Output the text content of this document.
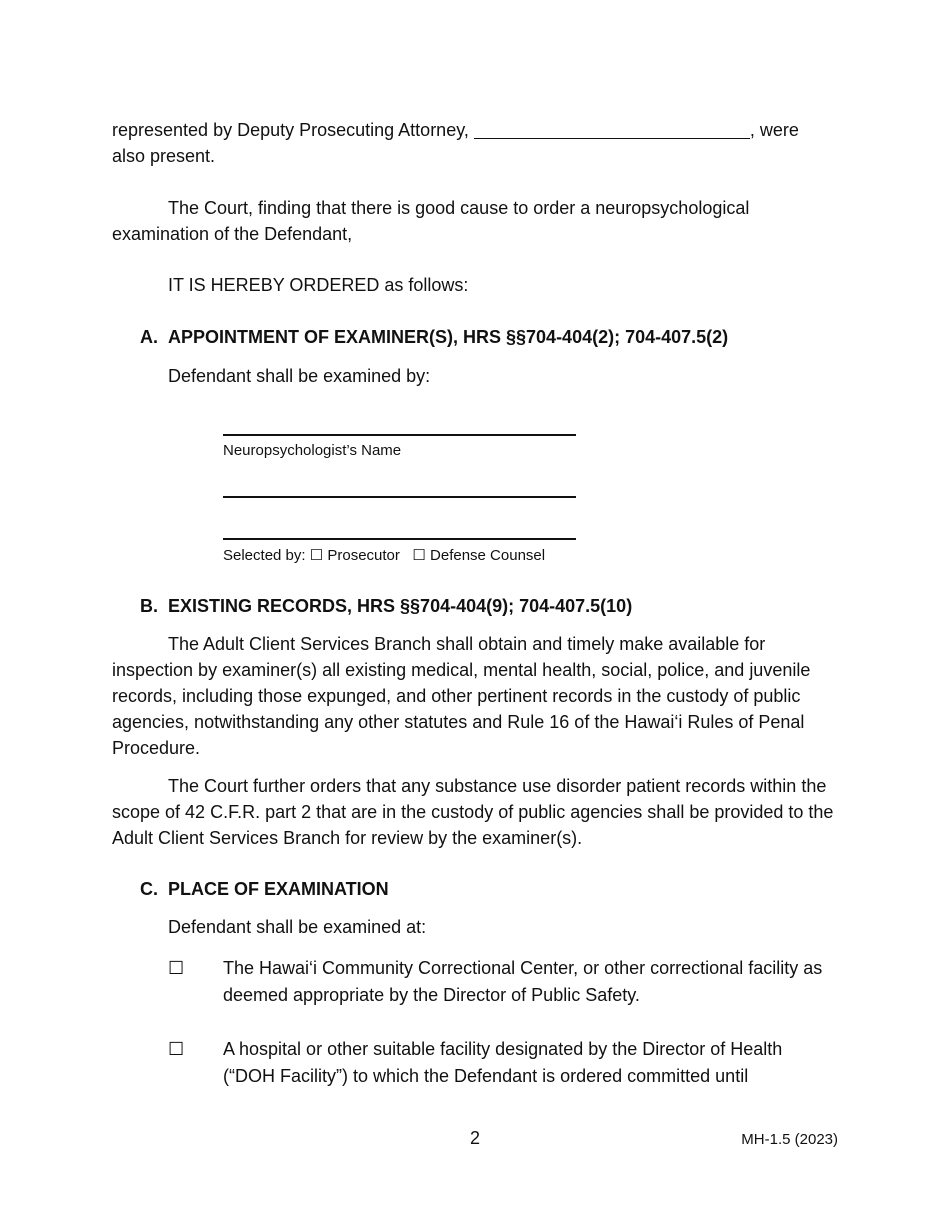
represented by Deputy Prosecuting Attorney,	, were
also present.

The Court, finding that there is good cause to order a neuropsychological examination of the Defendant,

IT IS HEREBY ORDERED as follows:
A. APPOINTMENT OF EXAMINER(S), HRS §§704-404(2); 704-407.5(2)
Defendant shall be examined by:
Neuropsychologist’s Name
Selected by: ☐ Prosecutor ☐ Defense Counsel
B. EXISTING RECORDS, HRS §§704-404(9); 704-407.5(10)

The Adult Client Services Branch shall obtain and timely make available for inspection by examiner(s) all existing medical, mental health, social, police, and juvenile records, including those expunged, and other pertinent records in the custody of public agencies, notwithstanding any other statutes and Rule 16 of the Hawai‘i Rules of Penal Procedure.

The Court further orders that any substance use disorder patient records within the scope of 42 C.F.R. part 2 that are in the custody of public agencies shall be provided to the Adult Client Services Branch for review by the examiner(s).

C. PLACE OF EXAMINATION
Defendant shall be examined at:
☐ The Hawai‘i Community Correctional Center, or other correctional facility as deemed appropriate by the Director of Public Safety.
☐ A hospital or other suitable facility designated by the Director of Health (“DOH Facility”) to which the Defendant is ordered committed until
2	MH-1.5 (2023)
